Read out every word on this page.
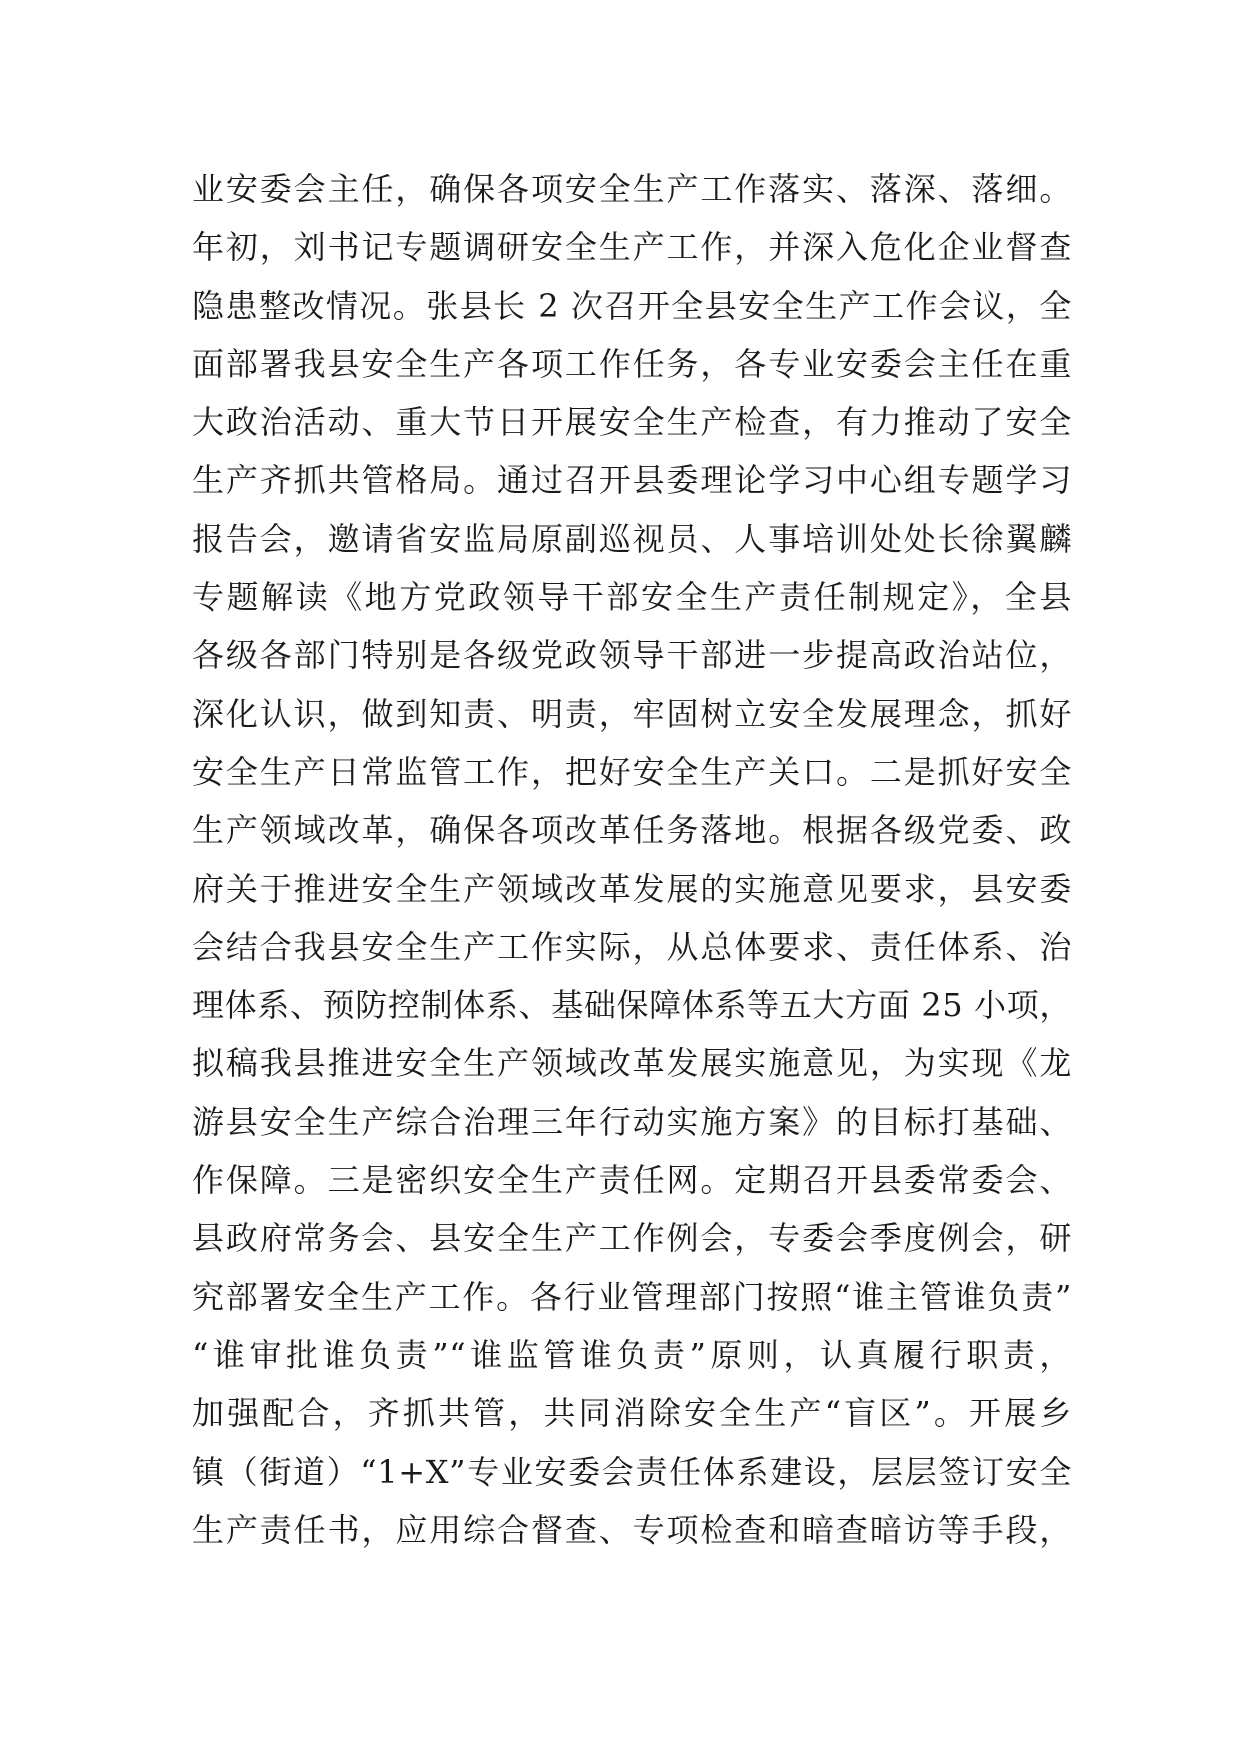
业安委会主任，确保各项安全生产工作落实、落深、落细。
年初，刘书记专题调研安全生产工作，并深入危化企业督查
隐患整改情况。张县长 2 次召开全县安全生产工作会议，全
面部署我县安全生产各项工作任务，各专业安委会主任在重
大政治活动、重大节日开展安全生产检查，有力推动了安全
生产齐抓共管格局。通过召开县委理论学习中心组专题学习
报告会，邀请省安监局原副巡视员、人事培训处处长徐翼麟
专题解读《地方党政领导干部安全生产责任制规定》，全县
各级各部门特别是各级党政领导干部进一步提高政治站位，
深化认识，做到知责、明责，牢固树立安全发展理念，抓好
安全生产日常监管工作，把好安全生产关口。二是抓好安全
生产领域改革，确保各项改革任务落地。根据各级党委、政
府关于推进安全生产领域改革发展的实施意见要求，县安委
会结合我县安全生产工作实际，从总体要求、责任体系、治
理体系、预防控制体系、基础保障体系等五大方面 25 小项，
拟稿我县推进安全生产领域改革发展实施意见，为实现《龙
游县安全生产综合治理三年行动实施方案》的目标打基础、
作保障。三是密织安全生产责任网。定期召开县委常委会、
县政府常务会、县安全生产工作例会，专委会季度例会，研
究部署安全生产工作。各行业管理部门按照“谁主管谁负责”
“谁审批谁负责”“谁监管谁负责”原则，认真履行职责，
加强配合，齐抓共管，共同消除安全生产“盲区”。开展乡
镇（街道）“1+X”专业安委会责任体系建设，层层签订安全
生产责任书，应用综合督查、专项检查和暗查暗访等手段，
